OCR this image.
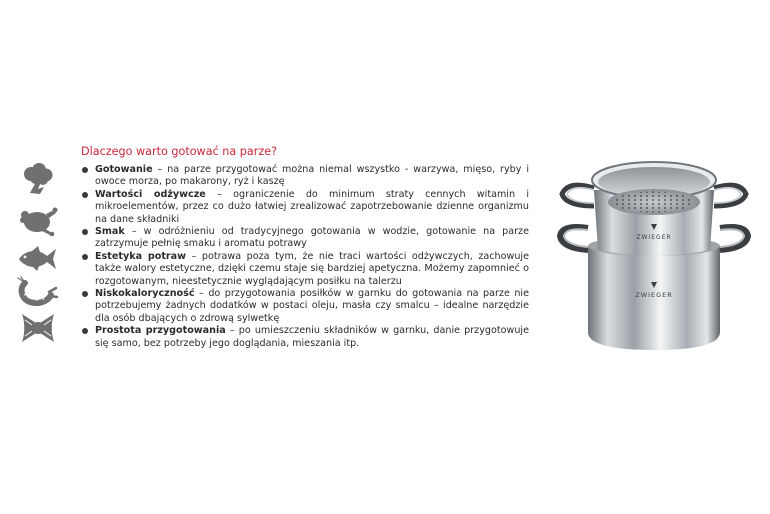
Dlaczego warto gotować na parze?
Gotowanie – na parze przygotować można niemal wszystko - warzywa, mięso, ryby i owoce morza, po makarony, ryż i kaszę
Wartości odżywcze – ograniczenie do minimum straty cennych witamin i mikroelementów, przez co dużo łatwiej zrealizować zapotrzebowanie dzienne organizmu na dane składniki
Smak – w odróżnieniu od tradycyjnego gotowania w wodzie, gotowanie na parze zatrzymuje pełnię smaku i aromatu potrawy
Estetyka potraw – potrawa poza tym, że nie traci wartości odżywczych, zachowuje także walory estetyczne, dzięki czemu staje się bardziej apetyczna. Możemy zapomnieć o rozgotowanym, nieestetycznie wyglądającym posiłku na talerzu
Niskokaloryczność – do przygotowania posiłków w garnku do gotowania na parze nie potrzebujemy żadnych dodatków w postaci oleju, masła czy smalcu – idealne narzędzie dla osób dbających o zdrową sylwetkę
Prostota przygotowania – po umieszczeniu składników w garnku, danie przygotowuje się samo, bez potrzeby jego doglądania, mieszania itp.
ZWIEGER
ZWIEGER
